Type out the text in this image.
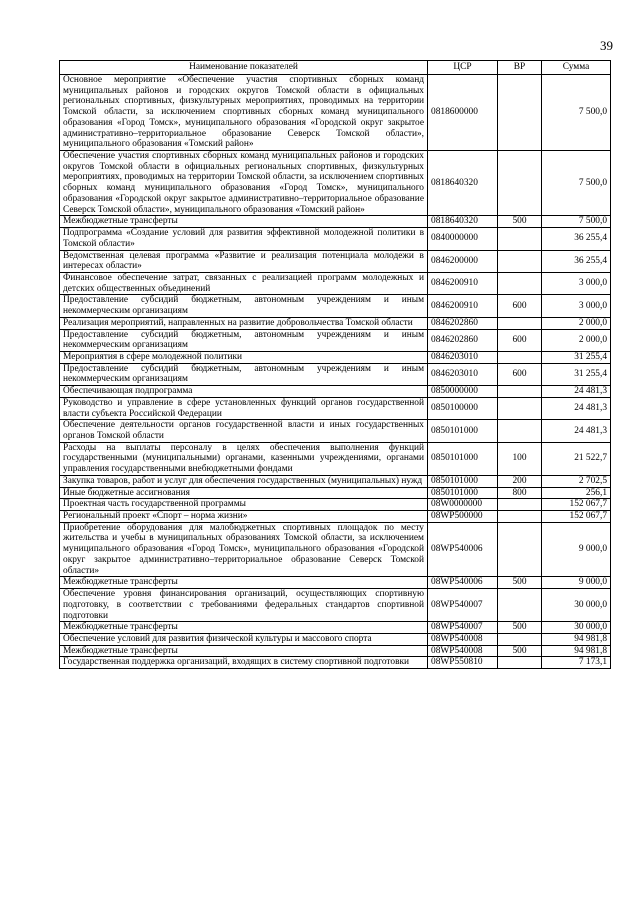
39
Наименование показателей	ЦСР	ВР	Сумма
Основное мероприятие «Обеспечение участия спортивных сборных команд муниципальных районов и городских округов Томской области в официальных региональных спортивных, физкультурных мероприятиях, проводимых на территории Томской области, за исключением спортивных сборных команд муниципального образования «Город Томск», муниципального образования «Городской округ закрытое административно–территориальное образование Северск Томской области», муниципального образования «Томский район»	0818600000		7 500,0
Обеспечение участия спортивных сборных команд муниципальных районов и городских округов Томской области в официальных региональных спортивных, физкультурных мероприятиях, проводимых на территории Томской области, за исключением спортивных сборных команд муниципального образования «Город Томск», муниципального образования «Городской округ закрытое административно–территориальное образование Северск Томской области», муниципального образования «Томский район»	0818640320		7 500,0
Межбюджетные трансферты	0818640320	500	7 500,0
Подпрограмма «Создание условий для развития эффективной молодежной политики в Томской области»	0840000000		36 255,4
Ведомственная целевая программа «Развитие и реализация потенциала молодежи в интересах области»	0846200000		36 255,4
Финансовое обеспечение затрат, связанных с реализацией программ молодежных и детских общественных объединений	0846200910		3 000,0
Предоставление субсидий бюджетным, автономным учреждениям и иным некоммерческим организациям	0846200910	600	3 000,0
Реализация мероприятий, направленных на развитие добровольчества Томской области	0846202860		2 000,0
Предоставление субсидий бюджетным, автономным учреждениям и иным некоммерческим организациям	0846202860	600	2 000,0
Мероприятия в сфере молодежной политики	0846203010		31 255,4
Предоставление субсидий бюджетным, автономным учреждениям и иным некоммерческим организациям	0846203010	600	31 255,4
Обеспечивающая подпрограмма	0850000000		24 481,3
Руководство и управление в сфере установленных функций органов государственной власти субъекта Российской Федерации	0850100000		24 481,3
Обеспечение деятельности органов государственной власти и иных государственных органов Томской области	0850101000		24 481,3
Расходы на выплаты персоналу в целях обеспечения выполнения функций государственными (муниципальными) органами, казенными учреждениями, органами управления государственными внебюджетными фондами	0850101000	100	21 522,7
Закупка товаров, работ и услуг для обеспечения государственных (муниципальных) нужд	0850101000	200	2 702,5
Иные бюджетные ассигнования	0850101000	800	256,1
Проектная часть государственной программы	08W0000000		152 067,7
Региональный проект «Спорт – норма жизни»	08WP500000		152 067,7
Приобретение оборудования для малобюджетных спортивных площадок по месту жительства и учебы в муниципальных образованиях Томской области, за исключением муниципального образования «Город Томск», муниципального образования «Городской округ закрытое административно–территориальное образование Северск Томской области»	08WP540006		9 000,0
Межбюджетные трансферты	08WP540006	500	9 000,0
Обеспечение уровня финансирования организаций, осуществляющих спортивную подготовку, в соответствии с требованиями федеральных стандартов спортивной подготовки	08WP540007		30 000,0
Межбюджетные трансферты	08WP540007	500	30 000,0
Обеспечение условий для развития физической культуры и массового спорта	08WP540008		94 981,8
Межбюджетные трансферты	08WP540008	500	94 981,8
Государственная поддержка организаций, входящих в систему спортивной подготовки	08WP550810		7 173,1
